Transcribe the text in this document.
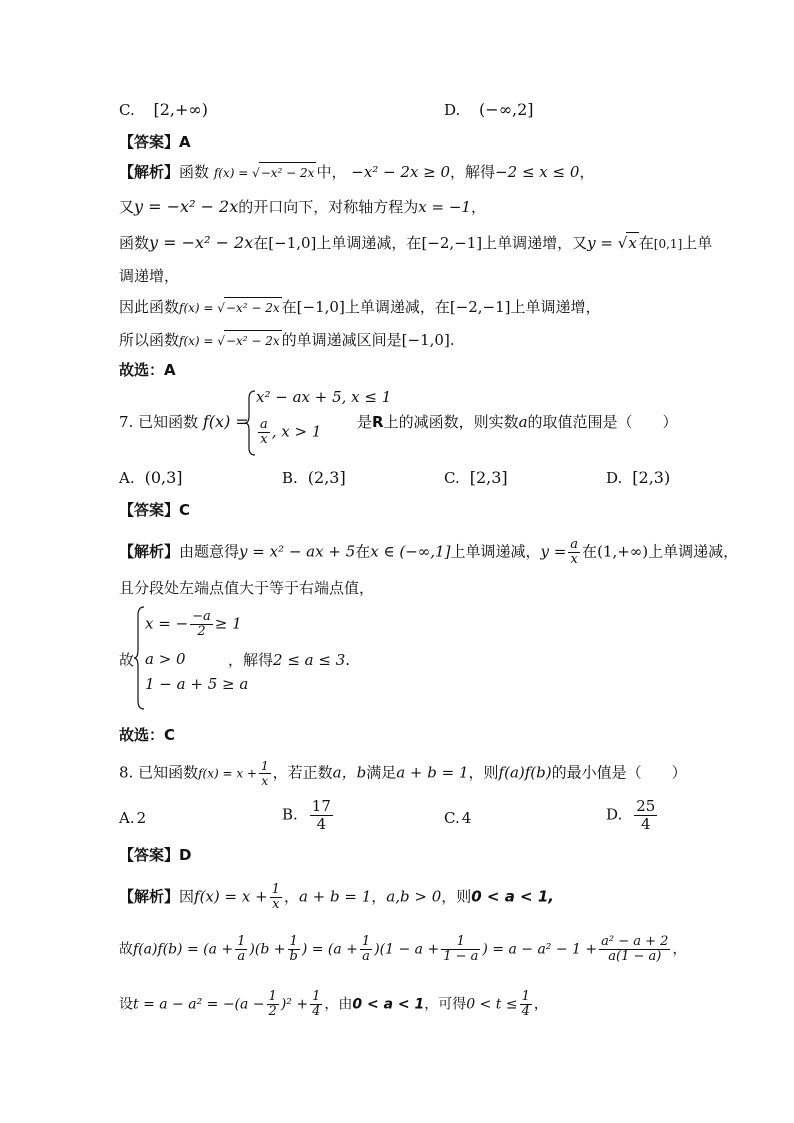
C. [2,+∞)	D. (−∞,2]
【答案】A
【解析】函数 f(x) = √−x² − 2x 中， −x² − 2x ≥ 0，解得−2 ≤ x ≤ 0，
又y = −x² − 2x的开口向下，对称轴方程为x = −1，
函数y = −x² − 2x在[−1,0]上单调递减，在[−2,−1]上单调递增，又y = √x 在[0,1]上单
调递增，
因此函数f(x) = √−x² − 2x 在[−1,0]上单调递减，在[−2,−1]上单调递增，
所以函数f(x) = √−x² − 2x 的单调递减区间是[−1,0].
故选：A
7. 已知函数 f(x) =
x² − ax + 5, x ≤ 1
$\frac{a}{x}$ , x > 1
是R上的减函数，则实数a的取值范围是（　　）
A. (0,3]	B. (2,3]	C. [2,3]	D. [2,3)
【答案】C
【解析】由题意得y = x² − ax + 5在x ∈ (−∞,1]上单调递减，$y = \frac{a}{x}$ 在(1,+∞)上单调递减，
且分段处左端点值大于等于右端点值，
故
x = − $\frac{-a}{2} \ge 1$
a > 0
1 − a + 5 ≥ a
，解得2 ≤ a ≤ 3.
故选：C
8. 已知函数$f(x) = x + \frac{1}{x}$ ，若正数a，b满足a + b = 1，则f(a)f(b)的最小值是（　　）
A. 2	B. $\frac{17}{4}$	C. 4	D. $\frac{25}{4}$
【答案】D
【解析】因$f(x) = x + \frac{1}{x}$ ，a + b = 1，a,b > 0，则0 < a < 1,
故$f(a)f(b) = (a + \frac{1}{a} )(b + \frac{1}{b}$ ) = $(a + \frac{1}{a} )(1 - a + \frac{1}{1 - a}$ ) = $a - a^2 - 1 + \frac{\text{a² − a + 2}}{a(1 - a)}$ ，
设$t = a - a^2 = -(a - \frac{1}{2} )^2 + \frac{1}{4}$ ，由0 < a < 1，可得$0 < t \le \frac{1}{4}$ ，
